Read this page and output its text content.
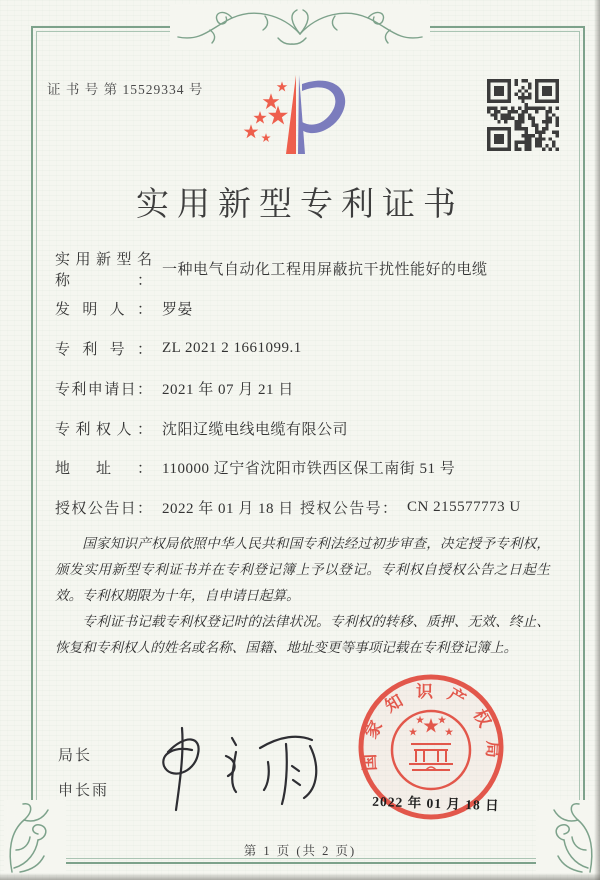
证 书 号 第 15529334 号
实用新型专利证书
实用新型名称：
一种电气自动化工程用屏蔽抗干扰性能好的电缆
发明人： 罗晏
专利号： ZL 2021 2 1661099.1
专利申请日： 2021 年 07 月 21 日
专利权人： 沈阳辽缆电线电缆有限公司
地址： 110000 辽宁省沈阳市铁西区保工南街 51 号
授权公告日： 2022 年 01 月 18 日 授权公告号： CN 215577773 U

国家知识产权局依照中华人民共和国专利法经过初步审查，决定授予专利权，颁发实用新型专利证书并在专利登记簿上予以登记。专利权自授权公告之日起生效。专利权期限为十年，自申请日起算。

专利证书记载专利权登记时的法律状况。专利权的转移、质押、无效、终止、恢复和专利权人的姓名或名称、国籍、地址变更等事项记载在专利登记簿上。

局长
申长雨
国家知识产权局
2022 年 01 月 18 日
第 1 页 (共 2 页)
